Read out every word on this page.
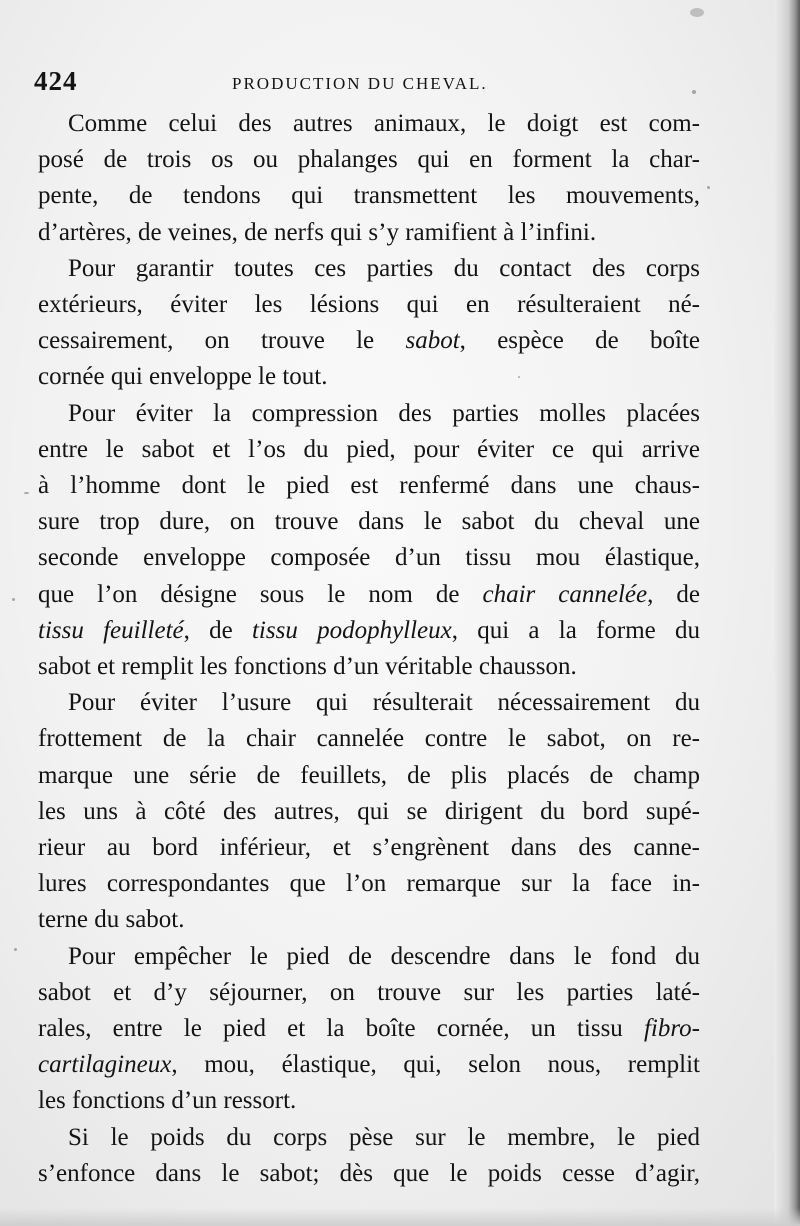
424	PRODUCTION DU CHEVAL.
Comme celui des autres animaux, le doigt est com-
posé de trois os ou phalanges qui en forment la char-
pente, de tendons qui transmettent les mouvements,
d’artères, de veines, de nerfs qui s’y ramifient à l’infini.
Pour garantir toutes ces parties du contact des corps
extérieurs, éviter les lésions qui en résulteraient né-
cessairement, on trouve le sabot, espèce de boîte
cornée qui enveloppe le tout.
Pour éviter la compression des parties molles placées
entre le sabot et l’os du pied, pour éviter ce qui arrive
à l’homme dont le pied est renfermé dans une chaus-
sure trop dure, on trouve dans le sabot du cheval une
seconde enveloppe composée d’un tissu mou élastique,
que l’on désigne sous le nom de chair cannelée, de
tissu feuilleté, de tissu podophylleux, qui a la forme du
sabot et remplit les fonctions d’un véritable chausson.
Pour éviter l’usure qui résulterait nécessairement du
frottement de la chair cannelée contre le sabot, on re-
marque une série de feuillets, de plis placés de champ
les uns à côté des autres, qui se dirigent du bord supé-
rieur au bord inférieur, et s’engrènent dans des canne-
lures correspondantes que l’on remarque sur la face in-
terne du sabot.
Pour empêcher le pied de descendre dans le fond du
sabot et d’y séjourner, on trouve sur les parties laté-
rales, entre le pied et la boîte cornée, un tissu fibro-
cartilagineux, mou, élastique, qui, selon nous, remplit
les fonctions d’un ressort.
Si le poids du corps pèse sur le membre, le pied
s’enfonce dans le sabot; dès que le poids cesse d’agir,
